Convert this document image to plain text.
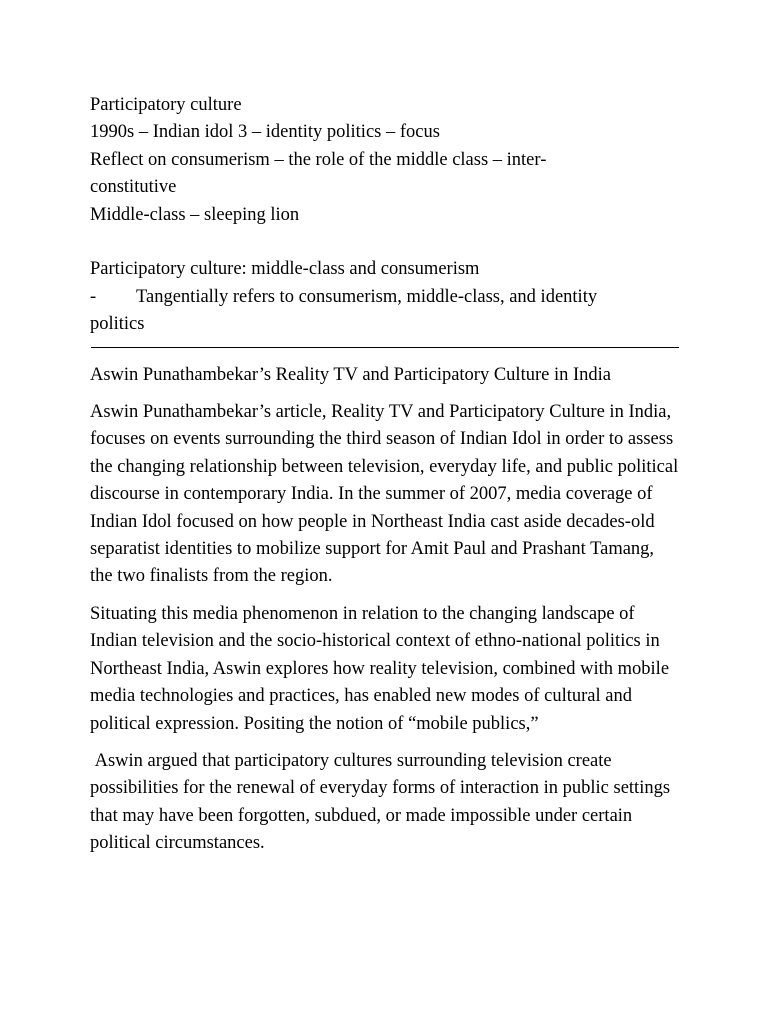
Participatory culture
1990s – Indian idol 3 – identity politics – focus
Reflect on consumerism – the role of the middle class – inter-
constitutive
Middle-class – sleeping lion
Participatory culture: middle-class and consumerism
- Tangentially refers to consumerism, middle-class, and identity
politics
Aswin Punathambekar’s Reality TV and Participatory Culture in India
Aswin Punathambekar’s article, Reality TV and Participatory Culture in India, focuses on events surrounding the third season of Indian Idol in order to assess the changing relationship between television, everyday life, and public political discourse in contemporary India. In the summer of 2007, media coverage of Indian Idol focused on how people in Northeast India cast aside decades-old separatist identities to mobilize support for Amit Paul and Prashant Tamang, the two finalists from the region.
Situating this media phenomenon in relation to the changing landscape of Indian television and the socio-historical context of ethno-national politics in Northeast India, Aswin explores how reality television, combined with mobile media technologies and practices, has enabled new modes of cultural and political expression. Positing the notion of “mobile publics,”
Aswin argued that participatory cultures surrounding television create possibilities for the renewal of everyday forms of interaction in public settings that may have been forgotten, subdued, or made impossible under certain political circumstances.
